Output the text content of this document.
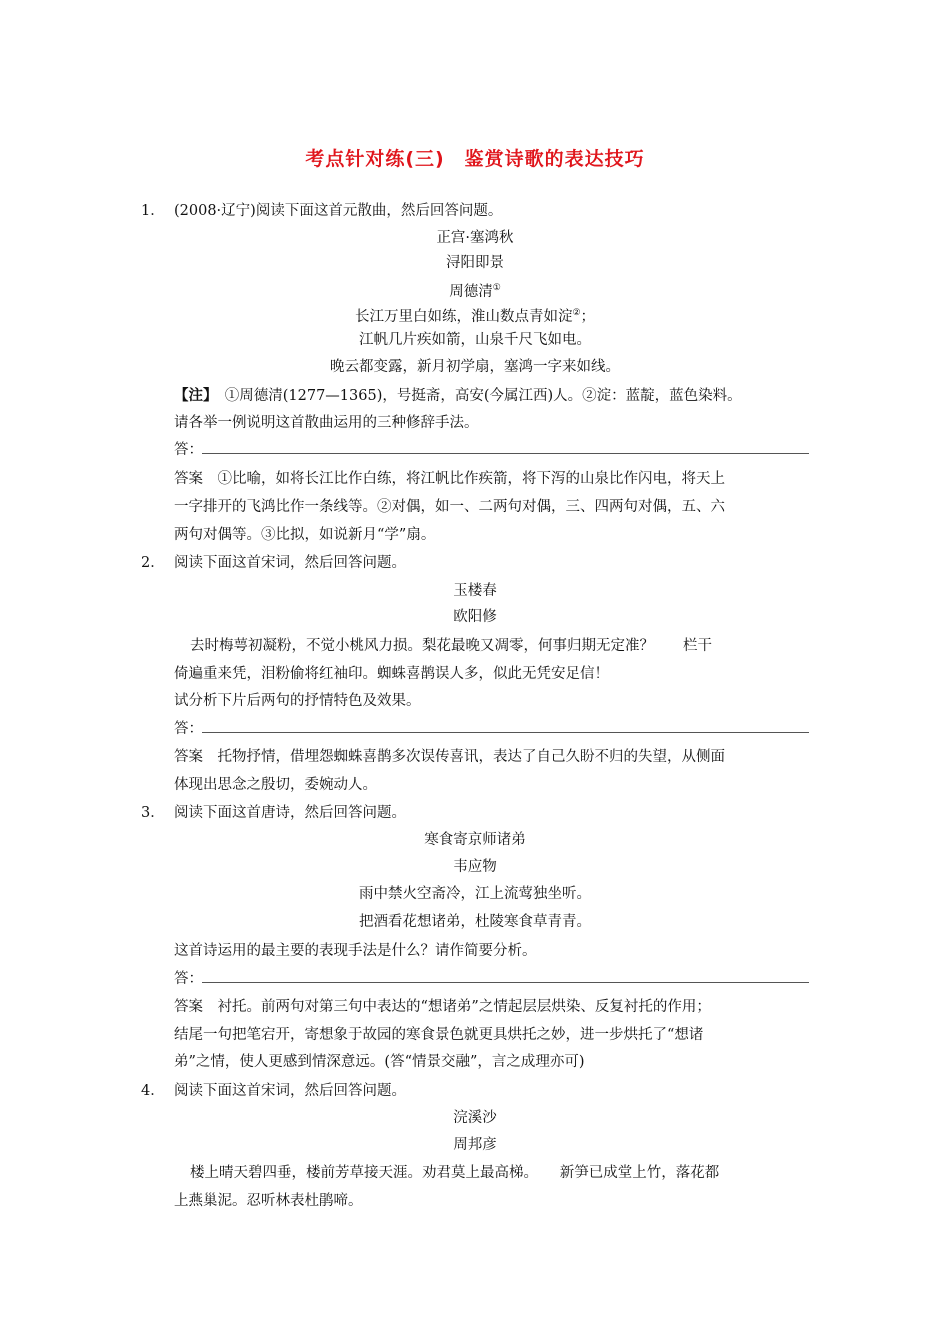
考点针对练(三)　鉴赏诗歌的表达技巧
1． (2008·辽宁)阅读下面这首元散曲，然后回答问题。
正宫·塞鸿秋
浔阳即景
周德清①
长江万里白如练，淮山数点青如淀②；
江帆几片疾如箭，山泉千尺飞如电。
晚云都变露，新月初学扇，塞鸿一字来如线。
【注】　①周德清(1277—1365)，号挺斋，高安(今属江西)人。②淀：蓝靛，蓝色染料。
请各举一例说明这首散曲运用的三种修辞手法。
答：
答案　①比喻，如将长江比作白练，将江帆比作疾箭，将下泻的山泉比作闪电，将天上
一字排开的飞鸿比作一条线等。②对偶，如一、二两句对偶，三、四两句对偶，五、六
两句对偶等。③比拟，如说新月“学”扇。
2． 阅读下面这首宋词，然后回答问题。
玉楼春
欧阳修
去时梅萼初凝粉，不觉小桃风力损。梨花最晚又凋零，何事归期无定准？　　栏干
倚遍重来凭，泪粉偷将红袖印。蜘蛛喜鹊误人多，似此无凭安足信！
试分析下片后两句的抒情特色及效果。
答：
答案　托物抒情，借埋怨蜘蛛喜鹊多次误传喜讯，表达了自己久盼不归的失望，从侧面
体现出思念之殷切，委婉动人。
3． 阅读下面这首唐诗，然后回答问题。
寒食寄京师诸弟
韦应物
雨中禁火空斋冷，江上流莺独坐听。
把酒看花想诸弟，杜陵寒食草青青。
这首诗运用的最主要的表现手法是什么？请作简要分析。
答：
答案　衬托。前两句对第三句中表达的“想诸弟”之情起层层烘染、反复衬托的作用；
结尾一句把笔宕开，寄想象于故园的寒食景色就更具烘托之妙，进一步烘托了“想诸
弟”之情，使人更感到情深意远。(答“情景交融”，言之成理亦可)
4． 阅读下面这首宋词，然后回答问题。
浣溪沙
周邦彦
楼上晴天碧四垂，楼前芳草接天涯。劝君莫上最高梯。　　新笋已成堂上竹，落花都
上燕巢泥。忍听林表杜鹃啼。
